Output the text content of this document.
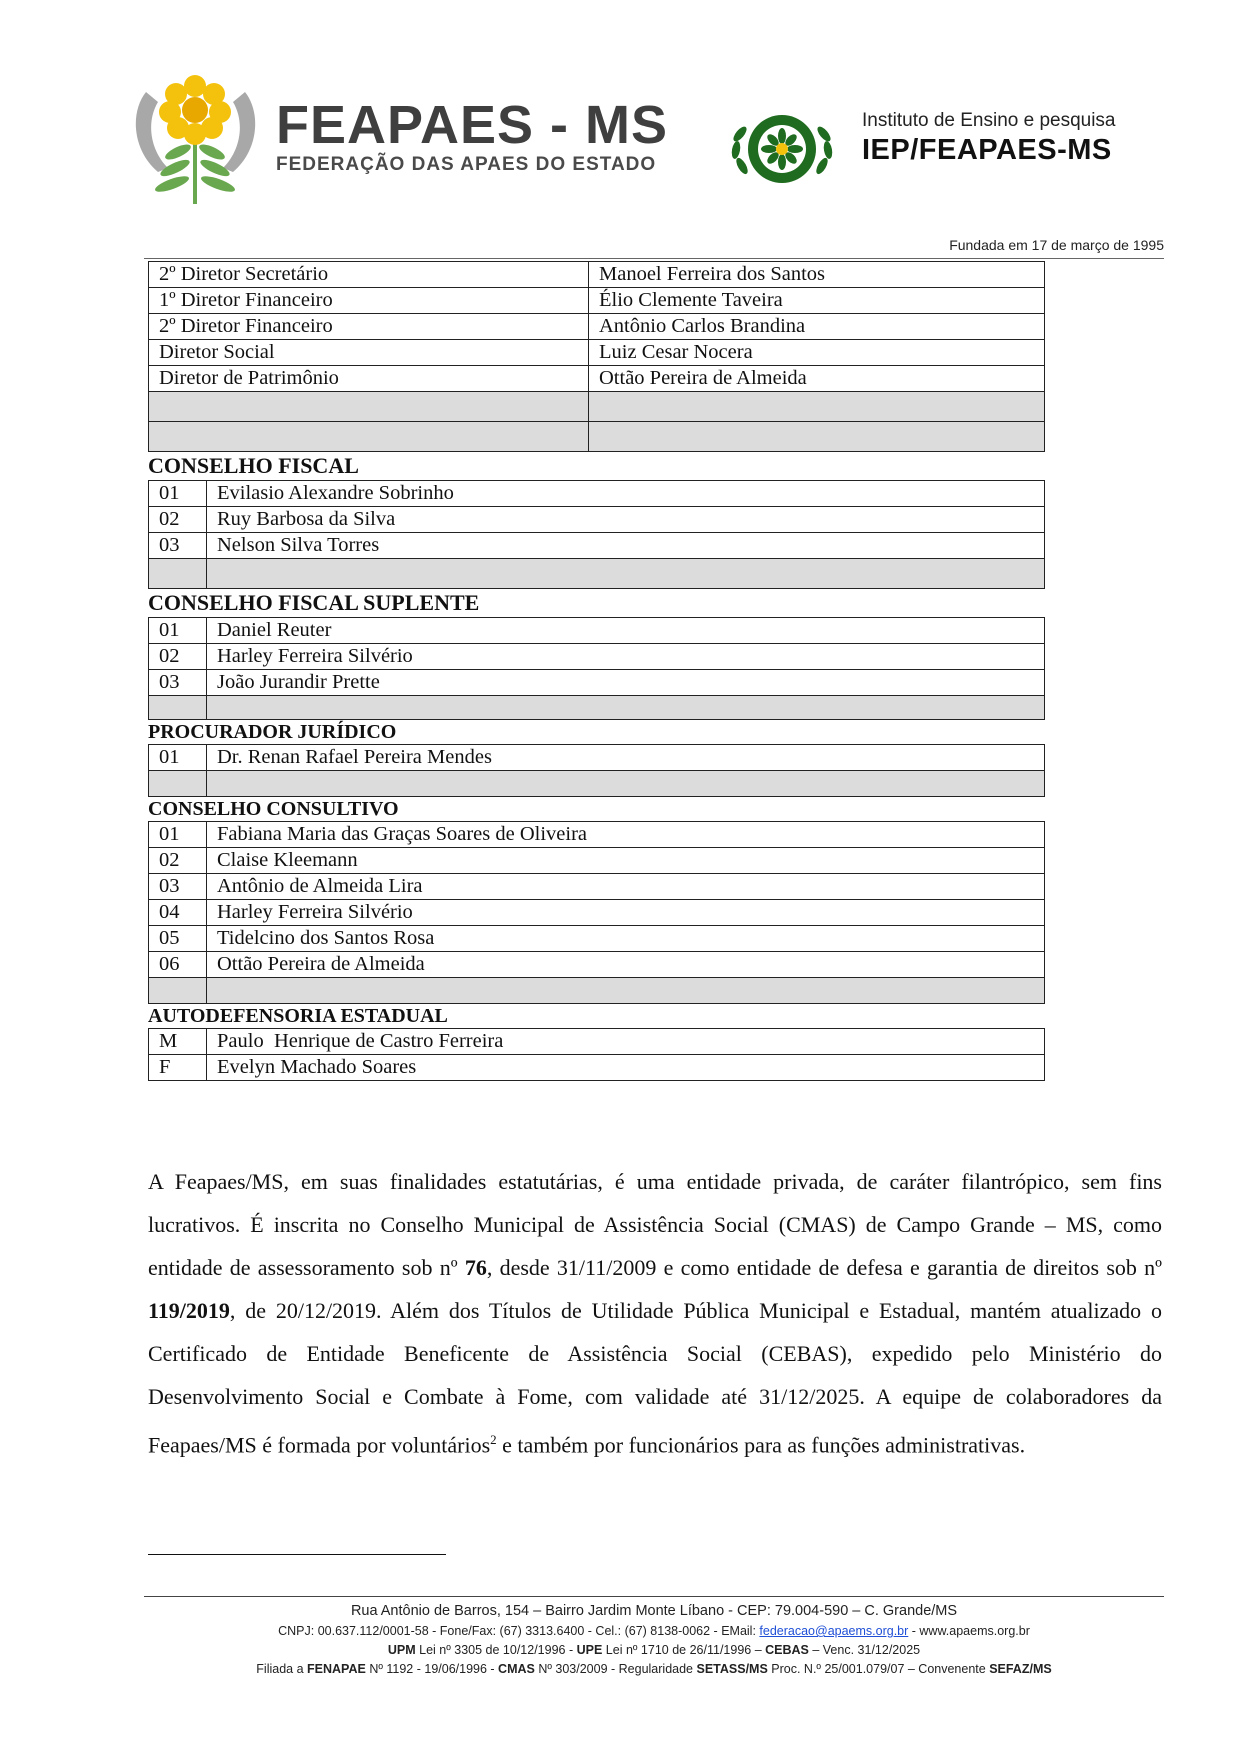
FEAPAES - MS
FEDERAÇÃO DAS APAES DO ESTADO
Instituto de Ensino e pesquisa
IEP/FEAPAES-MS
Fundada em 17 de março de 1995
2º Diretor Secretário	Manoel Ferreira dos Santos
1º Diretor Financeiro	Élio Clemente Taveira
2º Diretor Financeiro	Antônio Carlos Brandina
Diretor Social	Luiz Cesar Nocera
Diretor de Patrimônio	Ottão Pereira de Almeida

CONSELHO FISCAL
01	Evilasio Alexandre Sobrinho
02	Ruy Barbosa da Silva
03	Nelson Silva Torres

CONSELHO FISCAL SUPLENTE
01	Daniel Reuter
02	Harley Ferreira Silvério
03	João Jurandir Prette

PROCURADOR JURÍDICO
01	Dr. Renan Rafael Pereira Mendes

CONSELHO CONSULTIVO
01	Fabiana Maria das Graças Soares de Oliveira
02	Claise Kleemann
03	Antônio de Almeida Lira
04	Harley Ferreira Silvério
05	Tidelcino dos Santos Rosa
06	Ottão Pereira de Almeida

AUTODEFENSORIA ESTADUAL
M	Paulo  Henrique de Castro Ferreira
F	Evelyn Machado Soares
A Feapaes/MS, em suas finalidades estatutárias, é uma entidade privada, de caráter filantrópico, sem fins lucrativos. É inscrita no Conselho Municipal de Assistência Social (CMAS) de Campo Grande – MS, como entidade de assessoramento sob nº 76, desde 31/11/2009 e como entidade de defesa e garantia de direitos sob nº 119/2019, de 20/12/2019. Além dos Títulos de Utilidade Pública Municipal e Estadual, mantém atualizado o Certificado de Entidade Beneficente de Assistência Social (CEBAS), expedido pelo Ministério do Desenvolvimento Social e Combate à Fome, com validade até 31/12/2025. A equipe de colaboradores da Feapaes/MS é formada por voluntários$^2$ e também por funcionários para as funções administrativas.
Rua Antônio de Barros, 154 – Bairro Jardim Monte Líbano - CEP: 79.004-590 – C. Grande/MS
CNPJ: 00.637.112/0001-58 - Fone/Fax: (67) 3313.6400 - Cel.: (67) 8138-0062 - EMail: federacao@apaems.org.br - www.apaems.org.br
UPM Lei nº 3305 de 10/12/1996 - UPE Lei nº 1710 de 26/11/1996 – CEBAS – Venc. 31/12/2025
Filiada a FENAPAE Nº 1192 - 19/06/1996 - CMAS Nº 303/2009 - Regularidade SETASS/MS Proc. N.º 25/001.079/07 – Convenente SEFAZ/MS
